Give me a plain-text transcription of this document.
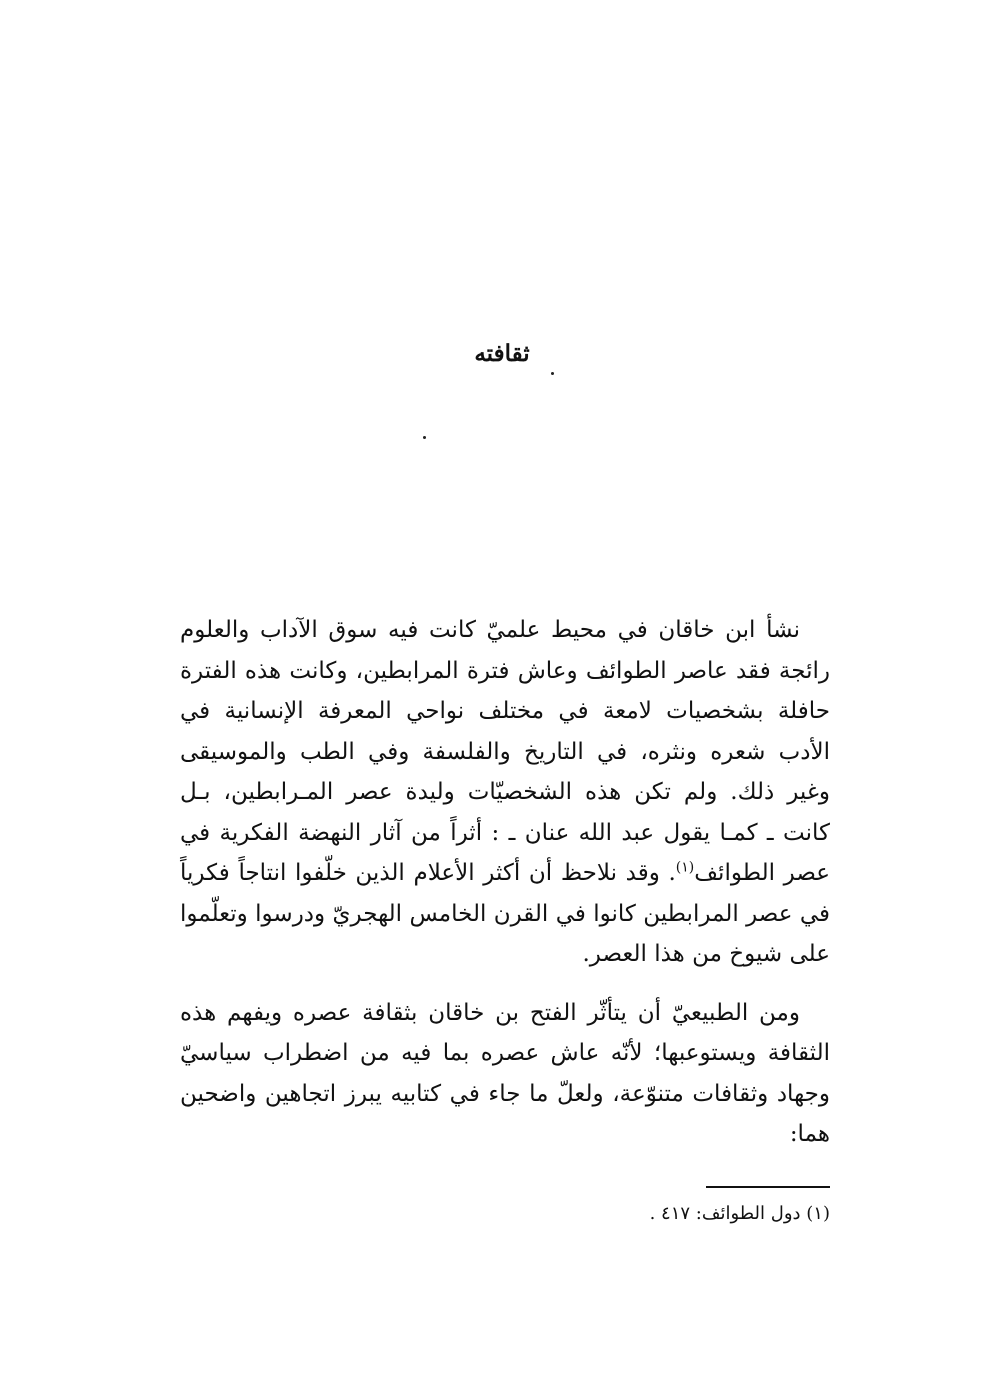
ثقافته

نشأ ابن خاقان في محيط علميّ كانت فيه سوق الآداب والعلوم رائجة فقد عاصر الطوائف وعاش فترة المرابطين، وكانت هذه الفترة حافلة بشخصيات لامعة في مختلف نواحي المعرفة الإنسانية في الأدب شعره ونثره، في التاريخ والفلسفة وفي الطب والموسيقى وغير ذلك. ولم تكن هذه الشخصيّات وليدة عصر المـرابطين، بـل كانت ـ كمـا يقول عبد الله عنان ـ : أثراً من آثار النهضة الفكرية في عصر الطوائف$^{(١)}$. وقد نلاحظ أن أكثر الأعلام الذين خلّفوا انتاجاً فكرياً في عصر المرابطين كانوا في القرن الخامس الهجريّ ودرسوا وتعلّموا على شيوخ من هذا العصر.

ومن الطبيعيّ أن يتأثّر الفتح بن خاقان بثقافة عصره ويفهم هذه الثقافة ويستوعبها؛ لأنّه عاش عصره بما فيه من اضطراب سياسيّ وجهاد وثقافات متنوّعة، ولعلّ ما جاء في كتابيه يبرز اتجاهين واضحين هما:

(١) دول الطوائف: ٤١٧ .
